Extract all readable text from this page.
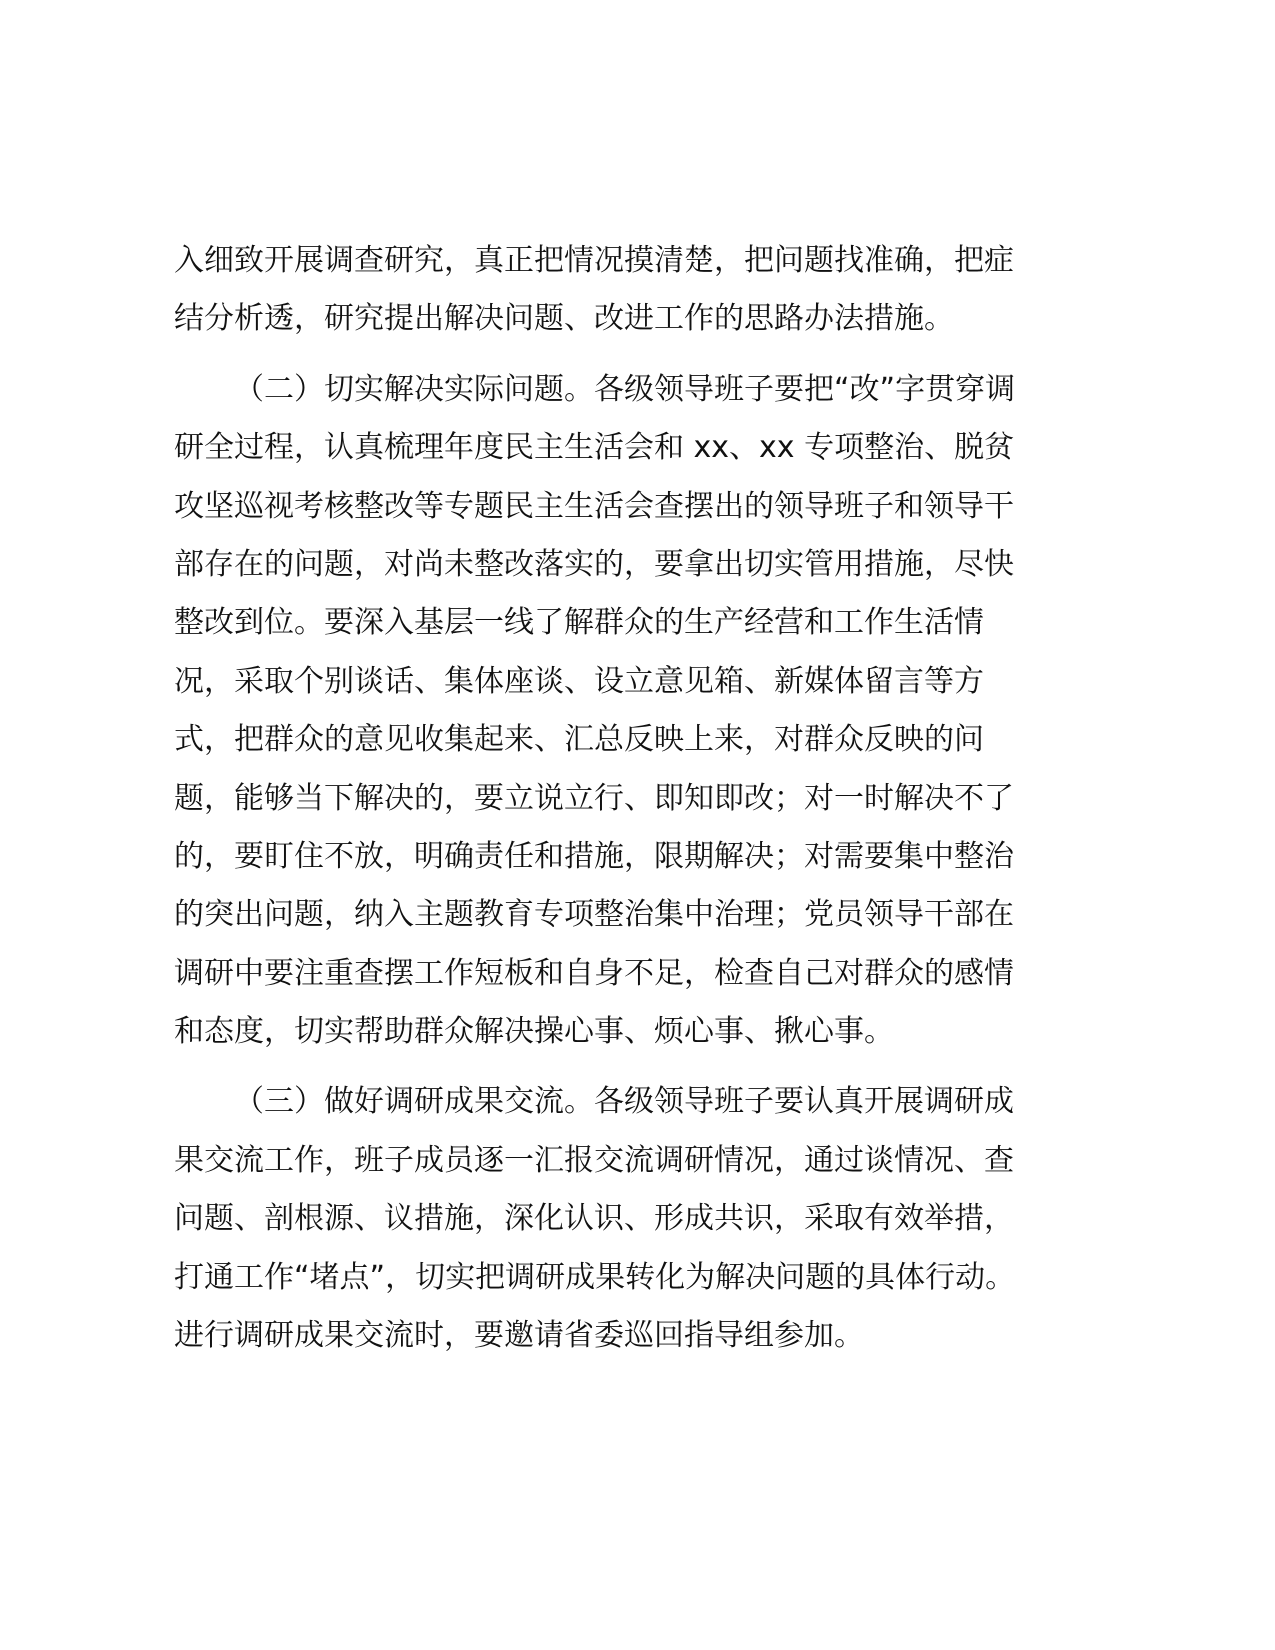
入细致开展调查研究，真正把情况摸清楚，把问题找准确，把症
结分析透，研究提出解决问题、改进工作的思路办法措施。
（二）切实解决实际问题。各级领导班子要把“改”字贯穿调
研全过程，认真梳理年度民主生活会和 xx、xx 专项整治、脱贫
攻坚巡视考核整改等专题民主生活会查摆出的领导班子和领导干
部存在的问题，对尚未整改落实的，要拿出切实管用措施，尽快
整改到位。要深入基层一线了解群众的生产经营和工作生活情
况，采取个别谈话、集体座谈、设立意见箱、新媒体留言等方
式，把群众的意见收集起来、汇总反映上来，对群众反映的问
题，能够当下解决的，要立说立行、即知即改；对一时解决不了
的，要盯住不放，明确责任和措施，限期解决；对需要集中整治
的突出问题，纳入主题教育专项整治集中治理；党员领导干部在
调研中要注重查摆工作短板和自身不足，检查自己对群众的感情
和态度，切实帮助群众解决操心事、烦心事、揪心事。
（三）做好调研成果交流。各级领导班子要认真开展调研成
果交流工作，班子成员逐一汇报交流调研情况，通过谈情况、查
问题、剖根源、议措施，深化认识、形成共识，采取有效举措，
打通工作“堵点”，切实把调研成果转化为解决问题的具体行动。
进行调研成果交流时，要邀请省委巡回指导组参加。
